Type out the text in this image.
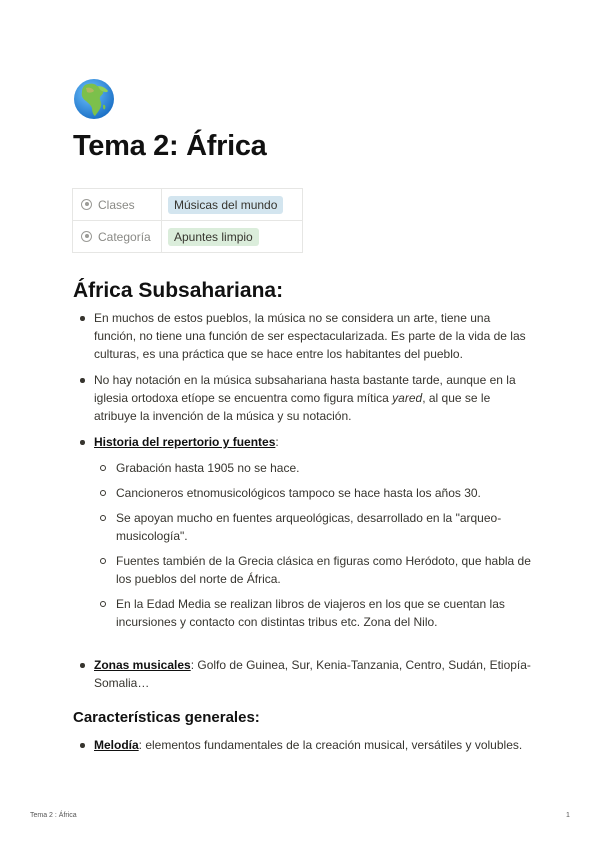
Tema 2: África
Clases	Músicas del mundo
Categoría	Apuntes limpio
África Subsahariana:
En muchos de estos pueblos, la música no se considera un arte, tiene una función, no tiene una función de ser espectacularizada. Es parte de la vida de las culturas, es una práctica que se hace entre los habitantes del pueblo.
No hay notación en la música subsahariana hasta bastante tarde, aunque en la iglesia ortodoxa etíope se encuentra como figura mítica yared, al que se le atribuye la invención de la música y su notación.
Historia del repertorio y fuentes:
Grabación hasta 1905 no se hace.
Cancioneros etnomusicológicos tampoco se hace hasta los años 30.
Se apoyan mucho en fuentes arqueológicas, desarrollado en la "arqueo-musicología".
Fuentes también de la Grecia clásica en figuras como Heródoto, que habla de los pueblos del norte de África.
En la Edad Media se realizan libros de viajeros en los que se cuentan las incursiones y contacto con distintas tribus etc. Zona del Nilo.
Zonas musicales: Golfo de Guinea, Sur, Kenia-Tanzania, Centro, Sudán, Etiopía-Somalia…
Características generales:
Melodía: elementos fundamentales de la creación musical, versátiles y volubles.
Tema 2 : África	1
